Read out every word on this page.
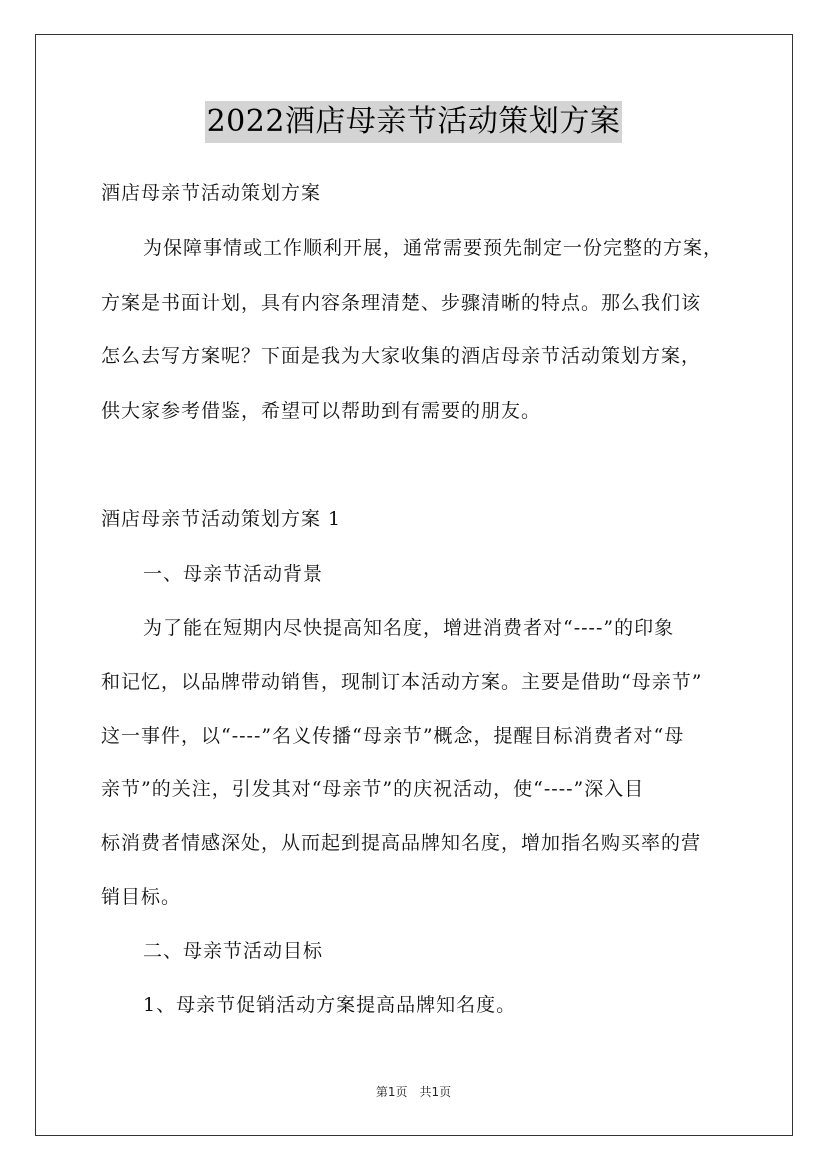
2022酒店母亲节活动策划方案
酒店母亲节活动策划方案
为保障事情或工作顺利开展，通常需要预先制定一份完整的方案，
方案是书面计划，具有内容条理清楚、步骤清晰的特点。那么我们该
怎么去写方案呢？下面是我为大家收集的酒店母亲节活动策划方案，
供大家参考借鉴，希望可以帮助到有需要的朋友。
酒店母亲节活动策划方案 1
一、母亲节活动背景
为了能在短期内尽快提高知名度，增进消费者对“----”的印象
和记忆，以品牌带动销售，现制订本活动方案。主要是借助“母亲节”
这一事件，以“----”名义传播“母亲节”概念，提醒目标消费者对“母
亲节”的关注，引发其对“母亲节”的庆祝活动，使“----”深入目
标消费者情感深处，从而起到提高品牌知名度，增加指名购买率的营
销目标。
二、母亲节活动目标
1、母亲节促销活动方案提高品牌知名度。
第1页　共1页
